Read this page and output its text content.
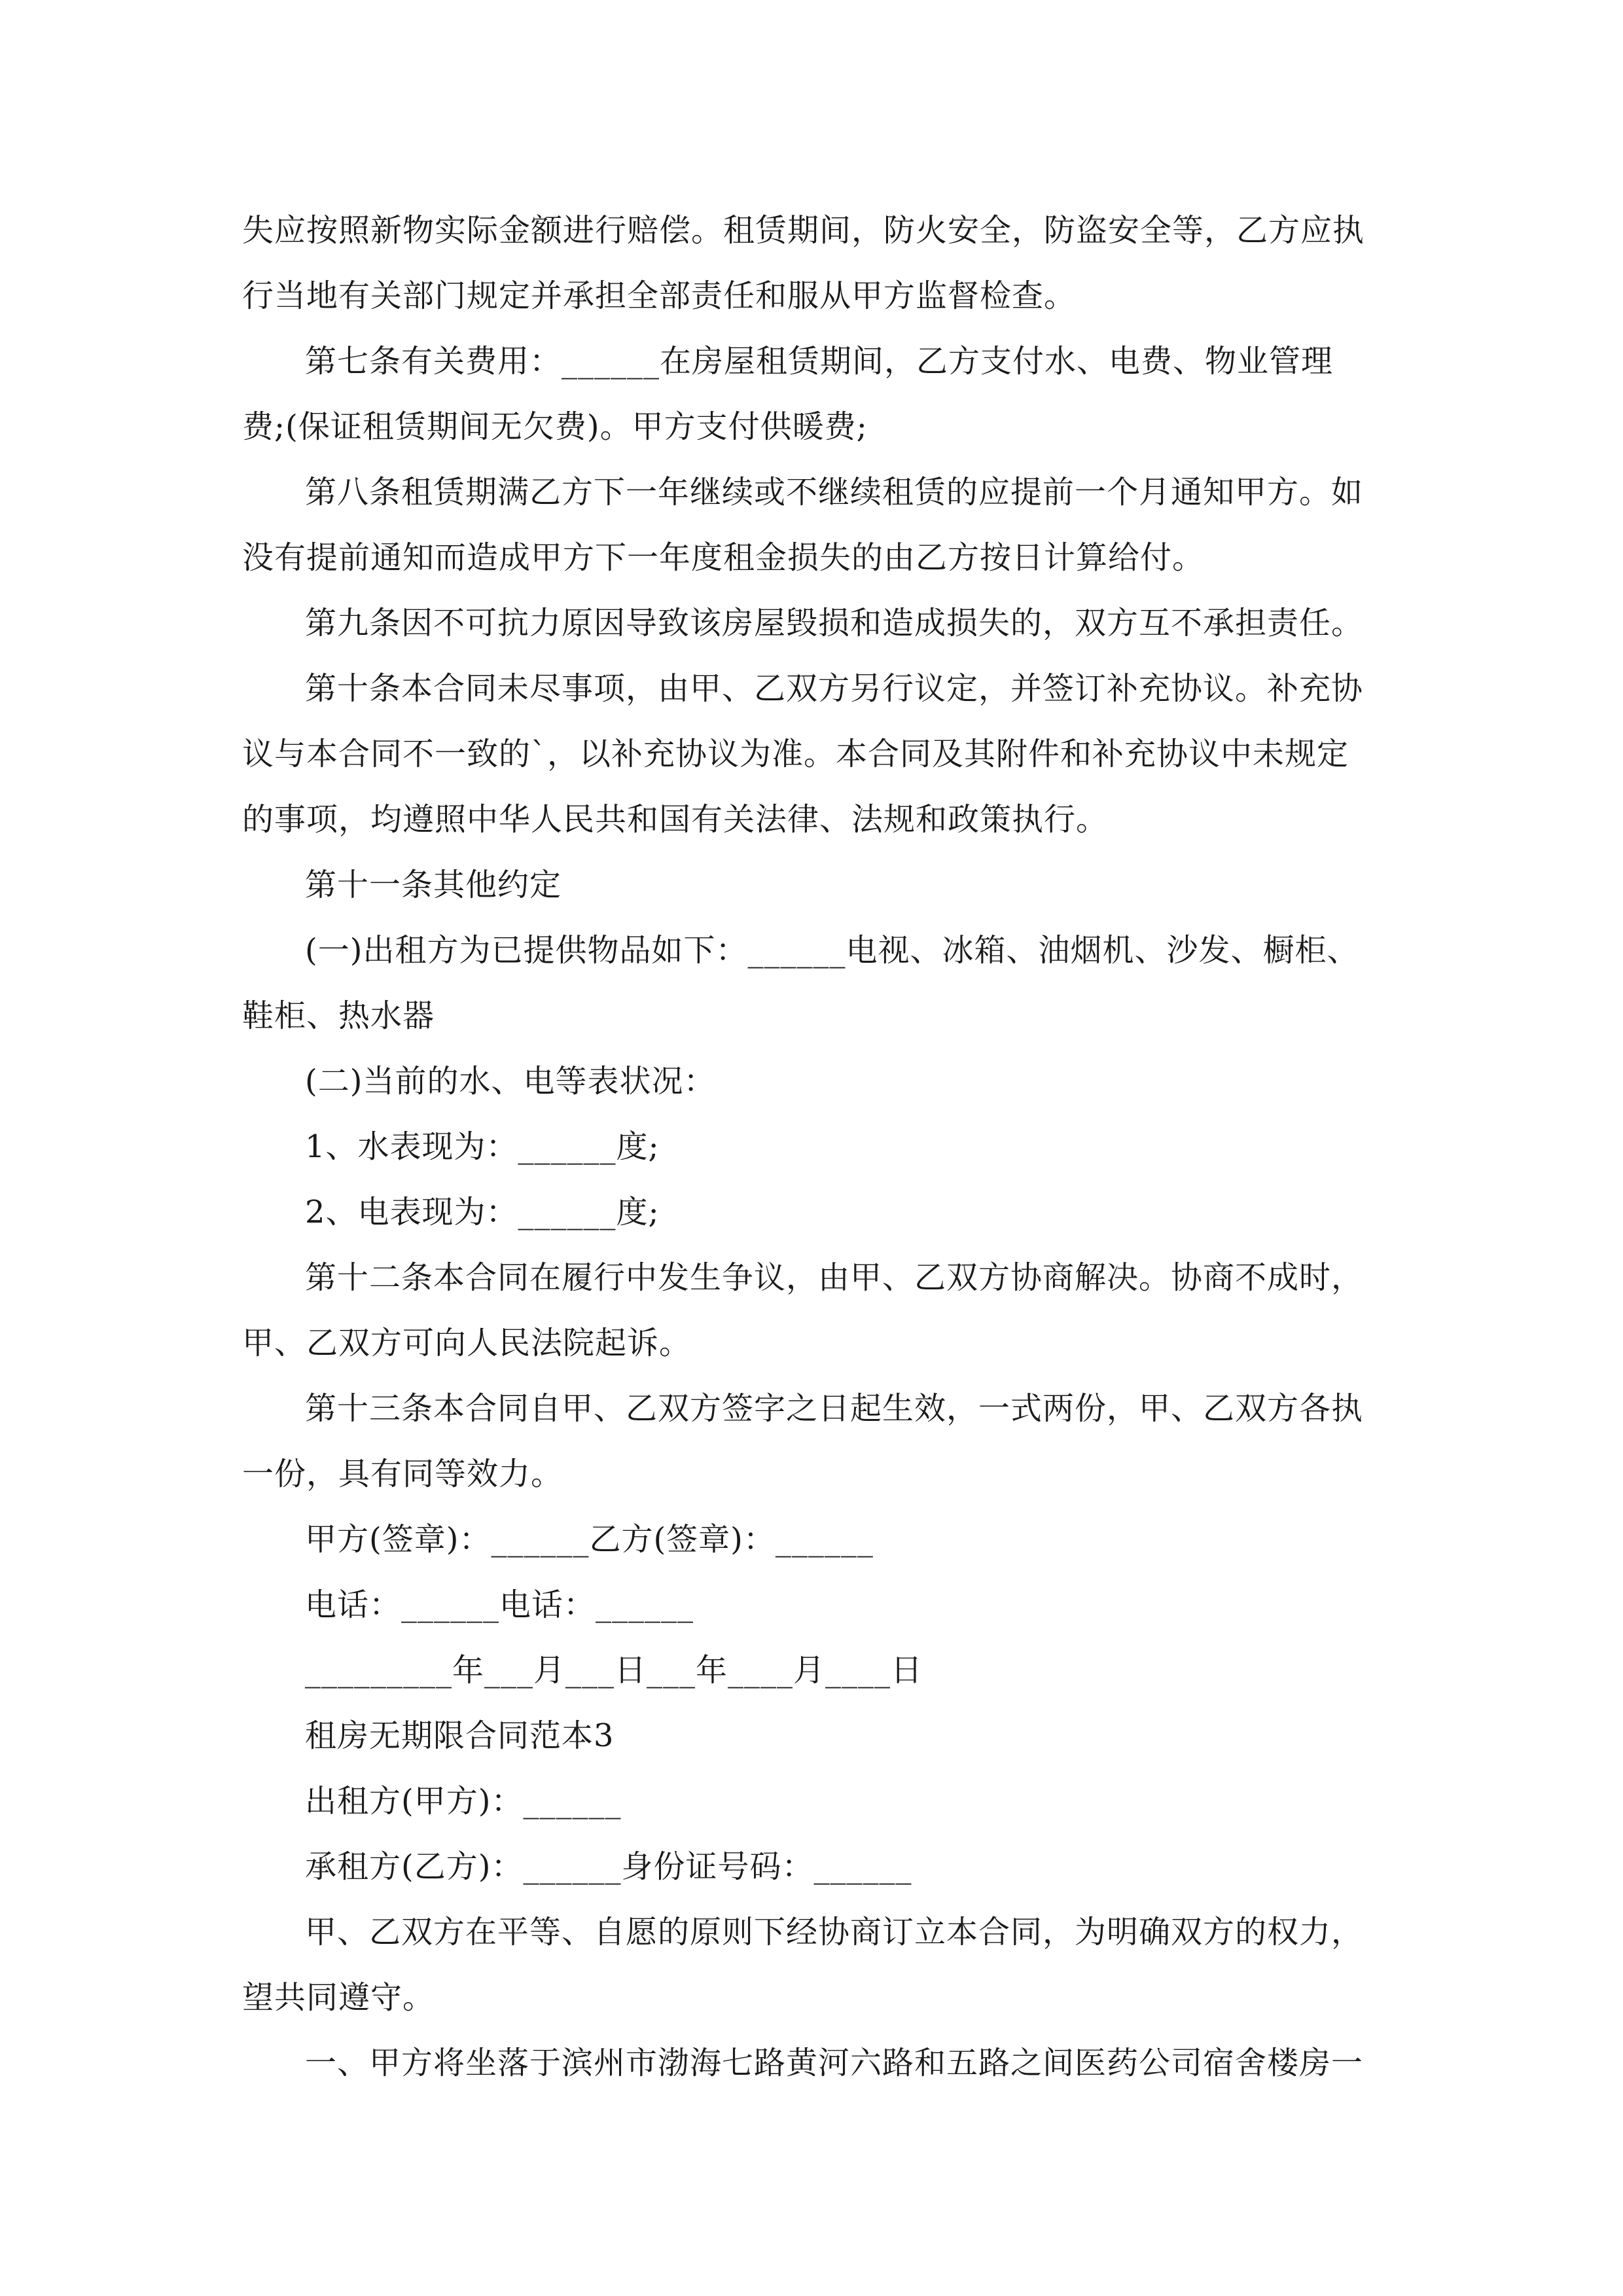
失应按照新物实际金额进行赔偿。租赁期间，防火安全，防盗安全等，乙方应执
行当地有关部门规定并承担全部责任和服从甲方监督检查。
第七条有关费用：______在房屋租赁期间，乙方支付水、电费、物业管理
费;(保证租赁期间无欠费)。甲方支付供暖费;
第八条租赁期满乙方下一年继续或不继续租赁的应提前一个月通知甲方。如
没有提前通知而造成甲方下一年度租金损失的由乙方按日计算给付。
第九条因不可抗力原因导致该房屋毁损和造成损失的，双方互不承担责任。
第十条本合同未尽事项，由甲、乙双方另行议定，并签订补充协议。补充协
议与本合同不一致的`，以补充协议为准。本合同及其附件和补充协议中未规定
的事项，均遵照中华人民共和国有关法律、法规和政策执行。
第十一条其他约定
(一)出租方为已提供物品如下：______电视、冰箱、油烟机、沙发、橱柜、
鞋柜、热水器
(二)当前的水、电等表状况：
1、水表现为：______度;
2、电表现为：______度;
第十二条本合同在履行中发生争议，由甲、乙双方协商解决。协商不成时，
甲、乙双方可向人民法院起诉。
第十三条本合同自甲、乙双方签字之日起生效，一式两份，甲、乙双方各执
一份，具有同等效力。
甲方(签章)：______乙方(签章)：______
电话：______电话：______
_________年___月___日___年____月____日
租房无期限合同范本3
出租方(甲方)：______
承租方(乙方)：______身份证号码：______
甲、乙双方在平等、自愿的原则下经协商订立本合同，为明确双方的权力，
望共同遵守。
一、甲方将坐落于滨州市渤海七路黄河六路和五路之间医药公司宿舍楼房一
